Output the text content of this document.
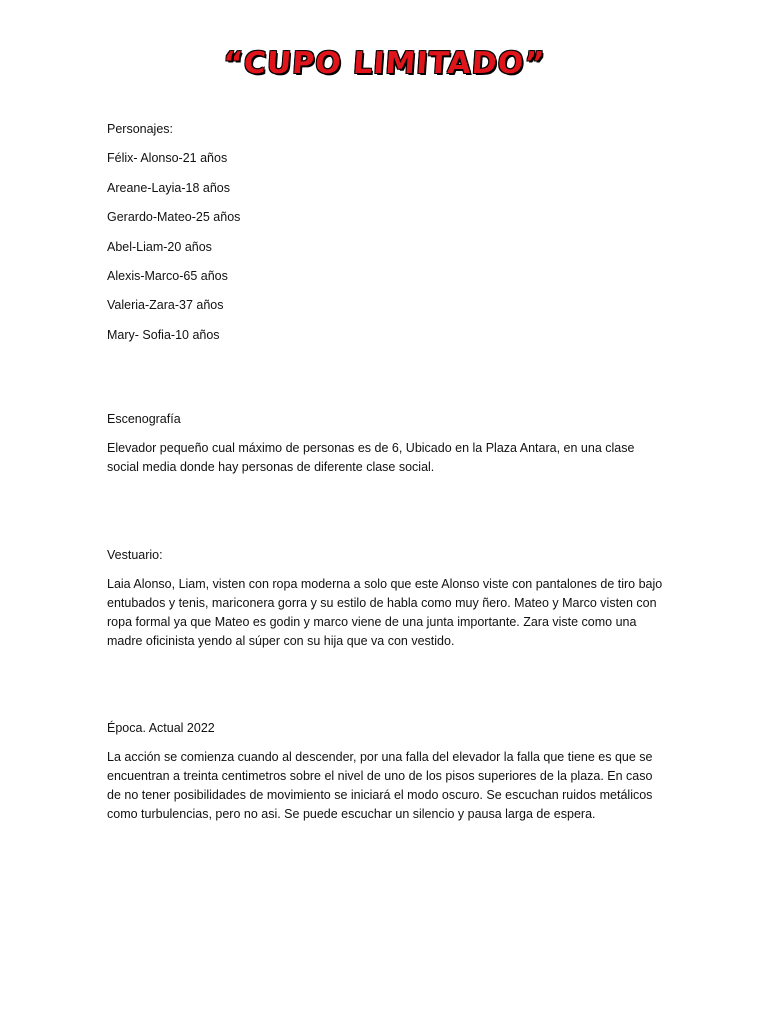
“CUPO LIMITADO”
Personajes:
Félix- Alonso-21 años
Areane-Layia-18 años
Gerardo-Mateo-25 años
Abel-Liam-20 años
Alexis-Marco-65 años
Valeria-Zara-37 años
Mary- Sofia-10 años
Escenografía
Elevador pequeño cual máximo de personas es de 6, Ubicado en la Plaza Antara, en una clase social media donde hay personas de diferente clase social.
Vestuario:
Laia Alonso, Liam, visten con ropa moderna a solo que este Alonso viste con pantalones de tiro bajo entubados y tenis, mariconera gorra y su estilo de habla como muy ñero. Mateo y Marco visten con ropa formal ya que Mateo es godin y marco viene de una junta importante. Zara viste como una madre oficinista yendo al súper con su hija que va con vestido.
Época. Actual 2022
La acción se comienza cuando al descender, por una falla del elevador la falla que tiene es que se encuentran a treinta centimetros sobre el nivel de uno de los pisos superiores de la plaza. En caso de no tener posibilidades de movimiento se iniciará el modo oscuro. Se escuchan ruidos metálicos como turbulencias, pero no asi. Se puede escuchar un silencio y pausa larga de espera.
